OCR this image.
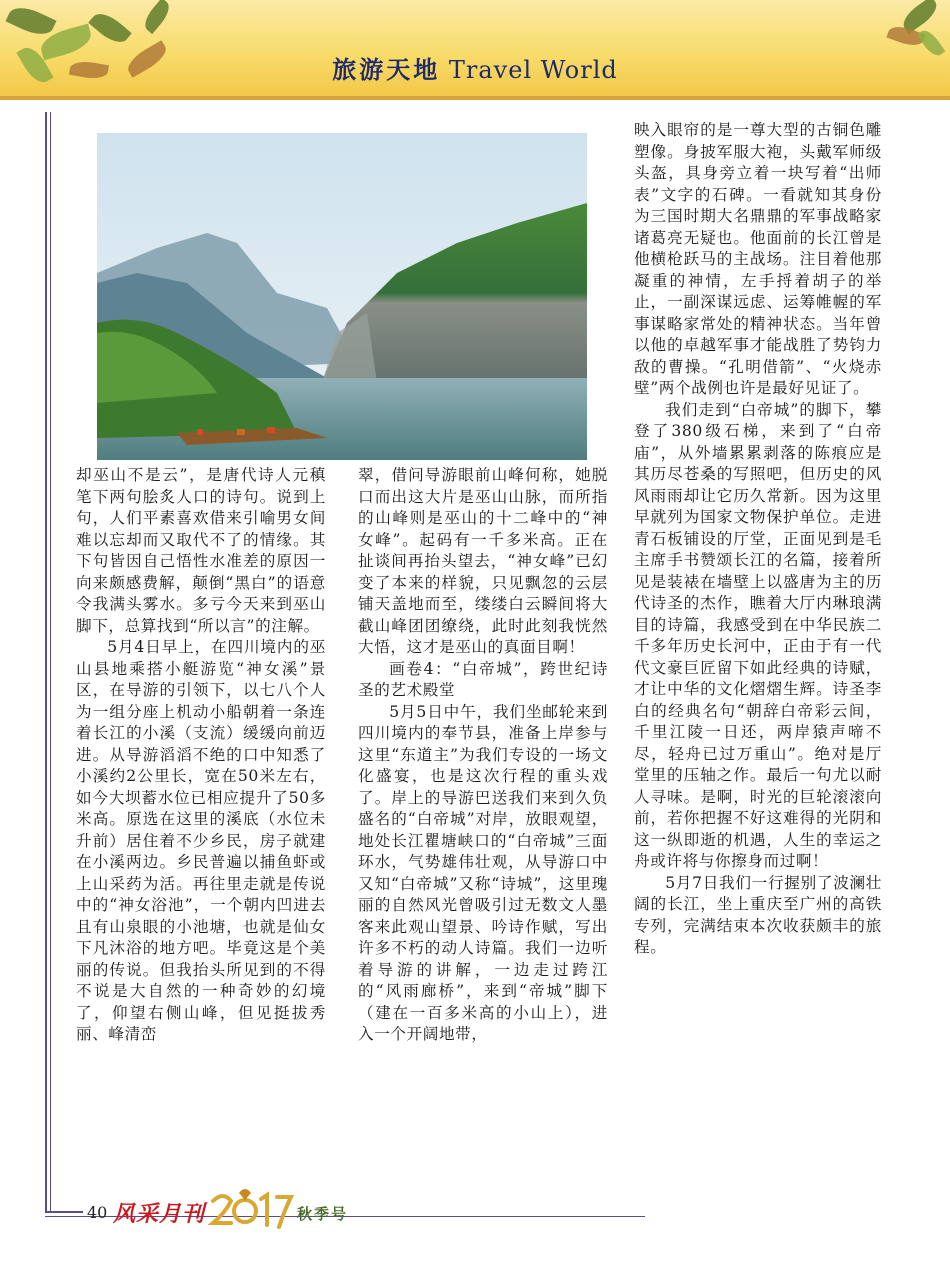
旅游天地 Travel World

却巫山不是云”，是唐代诗人元稹笔下两句脍炙人口的诗句。说到上句，人们平素喜欢借来引喻男女间难以忘却而又取代不了的情缘。其下句皆因自己悟性水准差的原因一向来颇感费解，颠倒“黑白”的语意令我满头雾水。多亏今天来到巫山脚下，总算找到“所以言”的注解。

5月4日早上，在四川境内的巫山县地乘搭小艇游览“神女溪”景区，在导游的引领下，以七八个人为一组分座上机动小船朝着一条连着长江的小溪（支流）缓缓向前迈进。从导游滔滔不绝的口中知悉了小溪约2公里长，宽在50米左右，如今大坝蓄水位已相应提升了50多米高。原选在这里的溪底（水位未升前）居住着不少乡民，房子就建在小溪两边。乡民普遍以捕鱼虾或上山采药为活。再往里走就是传说中的“神女浴池”，一个朝内凹进去且有山泉眼的小池塘，也就是仙女下凡沐浴的地方吧。毕竟这是个美丽的传说。但我抬头所见到的不得不说是大自然的一种奇妙的幻境了，仰望右侧山峰，但见挺拔秀丽、峰清峦

翠，借问导游眼前山峰何称，她脱口而出这大片是巫山山脉，而所指的山峰则是巫山的十二峰中的“神女峰”。起码有一千多米高。正在扯谈间再抬头望去，“神女峰”已幻变了本来的样貌，只见飘忽的云层铺天盖地而至，缕缕白云瞬间将大截山峰团团缭绕，此时此刻我恍然大悟，这才是巫山的真面目啊！

画卷4：“白帝城”，跨世纪诗圣的艺术殿堂

5月5日中午，我们坐邮轮来到四川境内的奉节县，准备上岸参与这里“东道主”为我们专设的一场文化盛宴，也是这次行程的重头戏了。岸上的导游巴送我们来到久负盛名的“白帝城”对岸，放眼观望，地处长江瞿塘峡口的“白帝城”三面环水，气势雄伟壮观，从导游口中又知“白帝城”又称“诗城”，这里瑰丽的自然风光曾吸引过无数文人墨客来此观山望景、吟诗作赋，写出许多不朽的动人诗篇。我们一边听着导游的讲解，一边走过跨江的“风雨廊桥”，来到“帝城”脚下（建在一百多米高的小山上），进入一个开阔地带，

映入眼帘的是一尊大型的古铜色雕塑像。身披军服大袍，头戴军师级头盔，具身旁立着一块写着“出师表”文字的石碑。一看就知其身份为三国时期大名鼎鼎的军事战略家诸葛亮无疑也。他面前的长江曾是他横枪跃马的主战场。注目着他那凝重的神情，左手捋着胡子的举止，一副深谋远虑、运筹帷幄的军事谋略家常处的精神状态。当年曾以他的卓越军事才能战胜了势钧力敌的曹操。“孔明借箭”、“火烧赤壁”两个战例也许是最好见证了。

我们走到“白帝城”的脚下，攀登了380级石梯，来到了“白帝庙”，从外墙累累剥落的陈痕应是其历尽苍桑的写照吧，但历史的风风雨雨却让它历久常新。因为这里早就列为国家文物保护单位。走进青石板铺设的厅堂，正面见到是毛主席手书赞颂长江的名篇，接着所见是装裱在墙壁上以盛唐为主的历代诗圣的杰作，瞧着大厅内琳琅满目的诗篇，我感受到在中华民族二千多年历史长河中，正由于有一代代文豪巨匠留下如此经典的诗赋，才让中华的文化熠熠生辉。诗圣李白的经典名句“朝辞白帝彩云间，千里江陵一日还，两岸猿声啼不尽，轻舟已过万重山”。绝对是厅堂里的压轴之作。最后一句尤以耐人寻味。是啊，时光的巨轮滚滚向前，若你把握不好这难得的光阴和这一纵即逝的机遇，人生的幸运之舟或许将与你擦身而过啊！

5月7日我们一行握别了波澜壮阔的长江，坐上重庆至广州的高铁专列，完满结束本次收获颇丰的旅程。

40 风采月刊	秋季号
